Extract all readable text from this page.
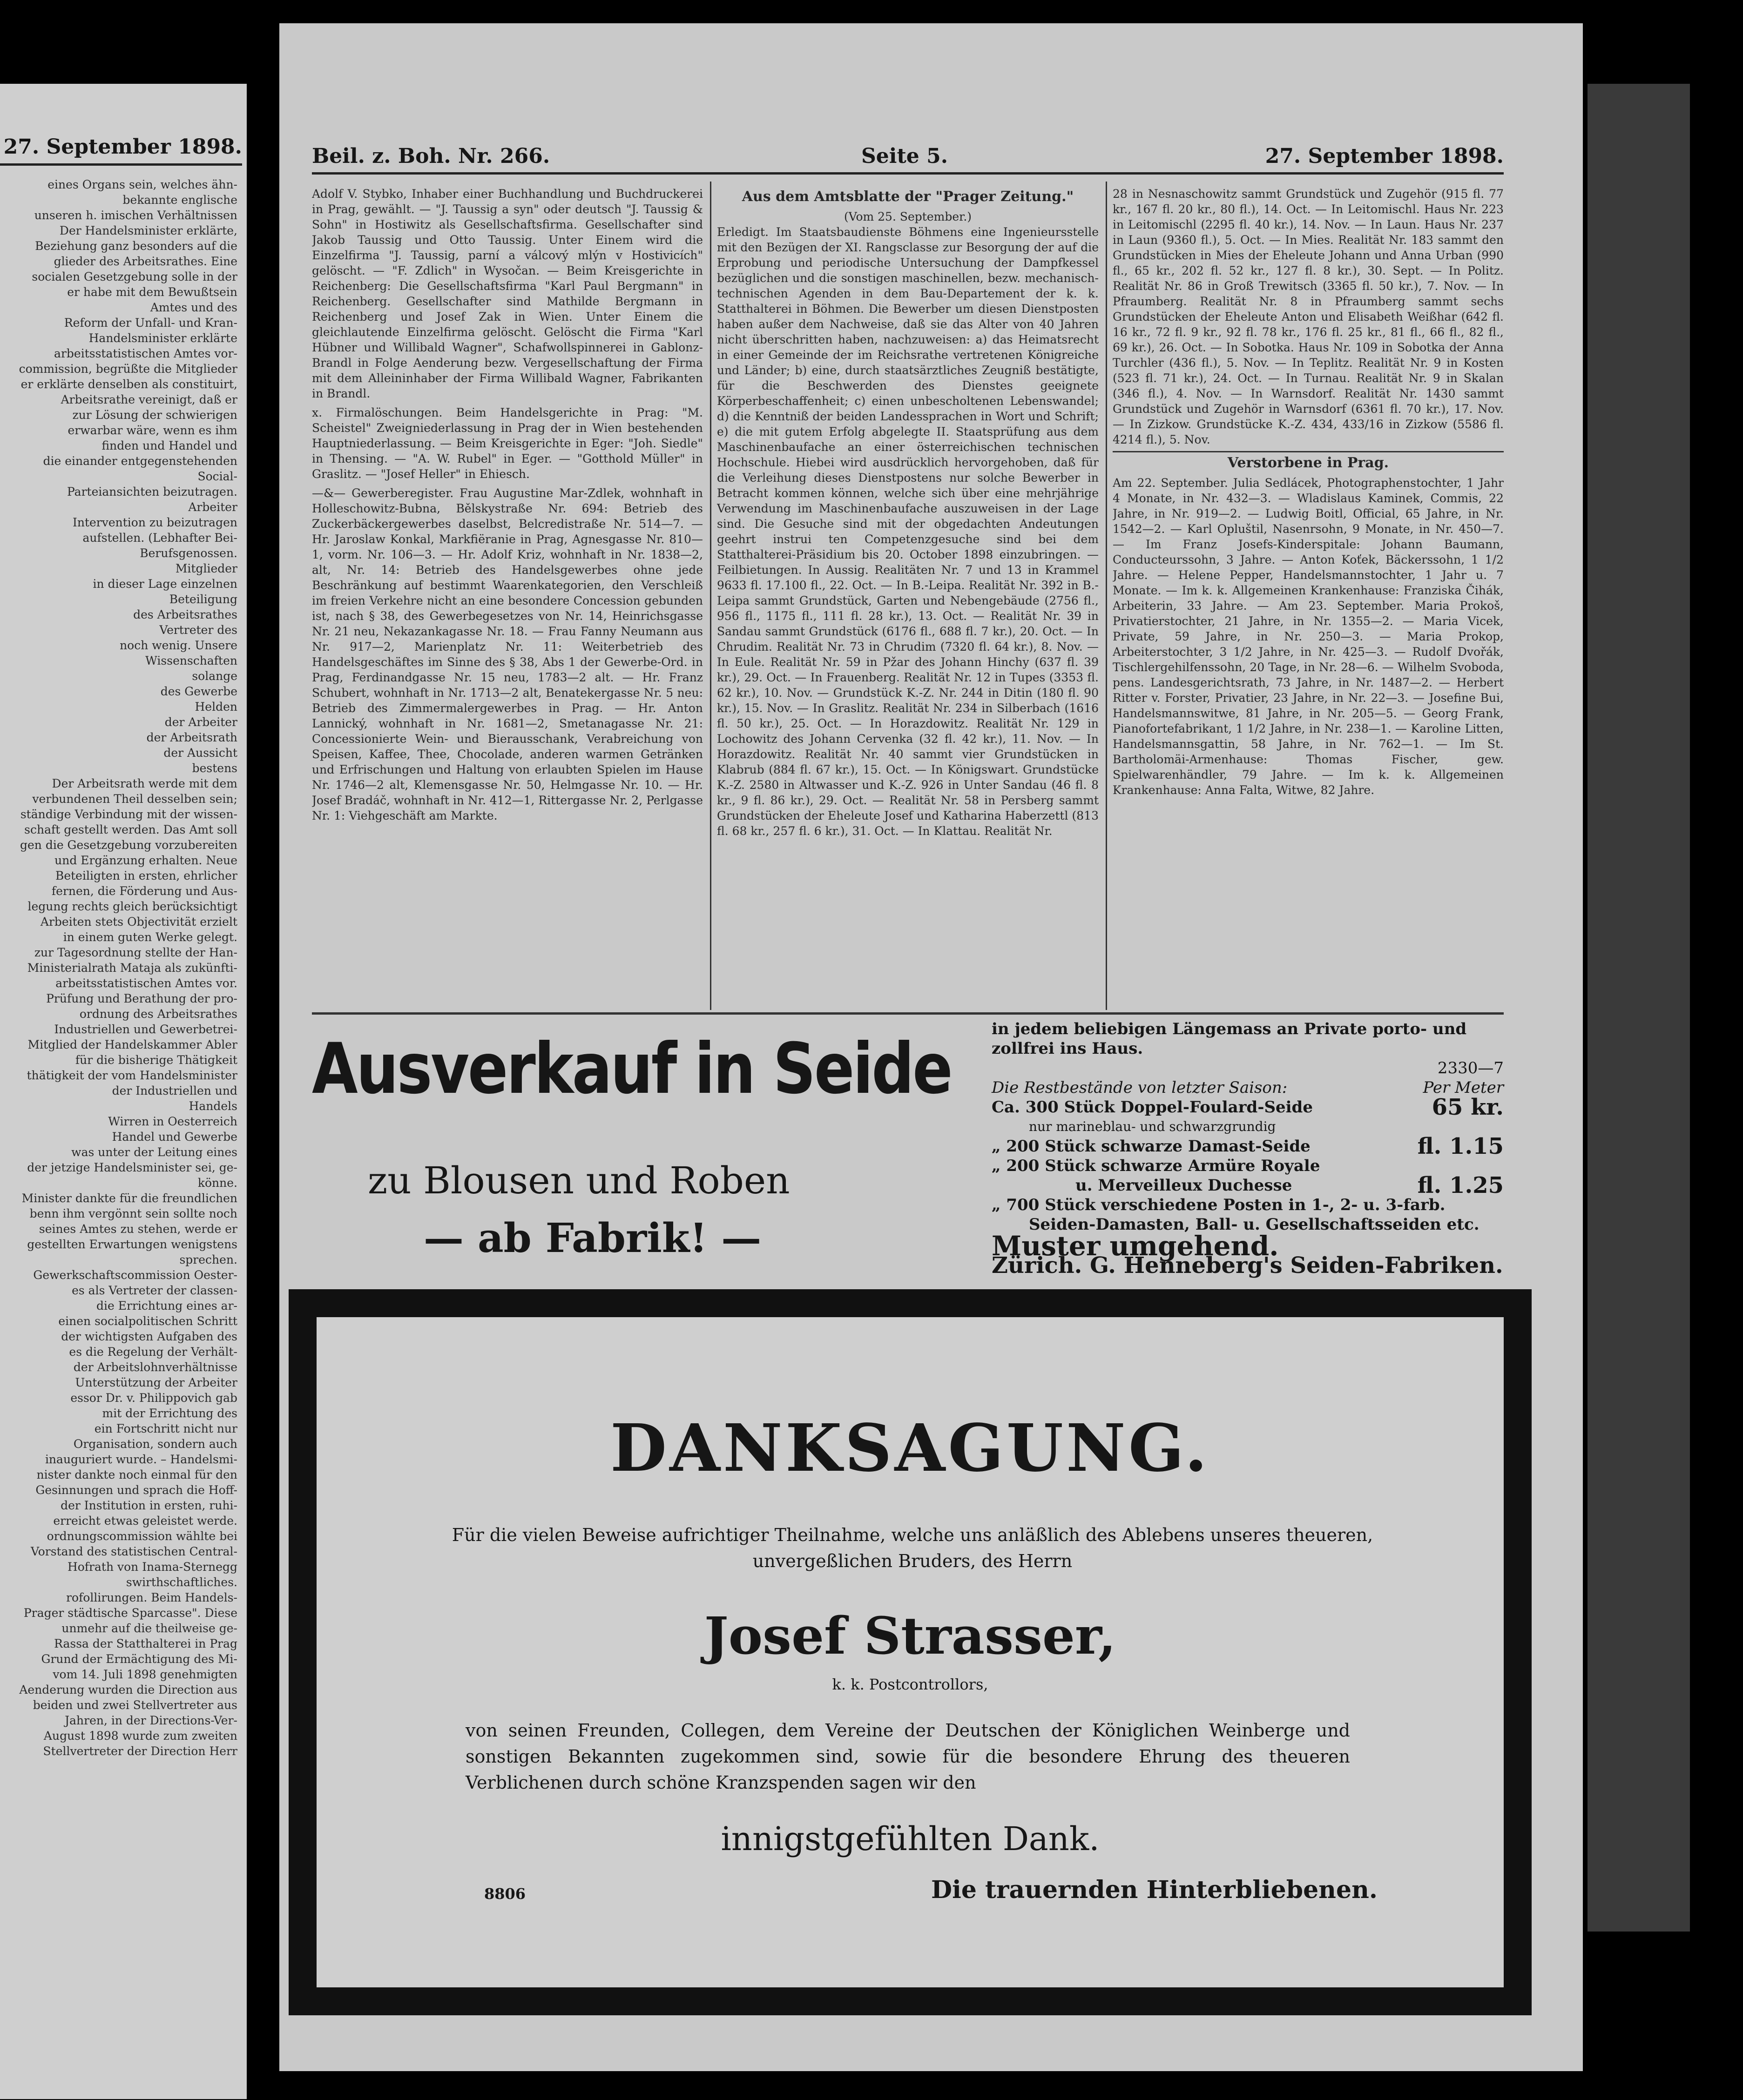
27. September 1898.
eines Organs sein, welches ähn-
bekannte englische
unseren h. imischen Verhältnissen
Der Handelsminister erklärte,
Beziehung ganz besonders auf die
glieder des Arbeitsrathes. Eine
socialen Gesetzgebung solle in der
er habe mit dem Bewußtsein
Amtes und des
Reform der Unfall- und Kran-
Handelsminister erklärte
arbeitsstatistischen Amtes vor-
commission, begrüßte die Mitglieder
er erklärte denselben als constituirt,
Arbeitsrathe vereinigt, daß er
zur Lösung der schwierigen
erwarbar wäre, wenn es ihm
finden und Handel und
die einander entgegenstehenden
Social-
Parteiansichten beizutragen.
Arbeiter
Intervention zu beizutragen
aufstellen. (Lebhafter Bei-
Berufsgenossen.
Mitglieder
in dieser Lage einzelnen
Beteiligung
des Arbeitsrathes
Vertreter des
noch wenig. Unsere
Wissenschaften
solange
des Gewerbe
Helden
der Arbeiter
der Arbeitsrath
der Aussicht
bestens
Der Arbeitsrath werde mit dem
verbundenen Theil desselben sein;
ständige Verbindung mit der wissen-
schaft gestellt werden. Das Amt soll
gen die Gesetzgebung vorzubereiten
und Ergänzung erhalten. Neue
Beteiligten in ersten, ehrlicher
fernen, die Förderung und Aus-
legung rechts gleich berücksichtigt
Arbeiten stets Objectivität erzielt
in einem guten Werke gelegt.
zur Tagesordnung stellte der Han-
Ministerialrath Mataja als zukünfti-
arbeitsstatistischen Amtes vor.
Prüfung und Berathung der pro-
ordnung des Arbeitsrathes
Industriellen und Gewerbetrei-
Mitglied der Handelskammer Abler
für die bisherige Thätigkeit
thätigkeit der vom Handelsminister
der Industriellen und
Handels
Wirren in Oesterreich
Handel und Gewerbe
was unter der Leitung eines
der jetzige Handelsminister sei, ge-
könne.
Minister dankte für die freundlichen
benn ihm vergönnt sein sollte noch
seines Amtes zu stehen, werde er
gestellten Erwartungen wenigstens
sprechen.
Gewerkschaftscommission Oester-
es als Vertreter der classen-
die Errichtung eines ar-
einen socialpolitischen Schritt
der wichtigsten Aufgaben des
es die Regelung der Verhält-
der Arbeitslohnverhältnisse
Unterstützung der Arbeiter
essor Dr. v. Philippovich gab
mit der Errichtung des
ein Fortschritt nicht nur
Organisation, sondern auch
inauguriert wurde. – Handelsmi-
nister dankte noch einmal für den
Gesinnungen und sprach die Hoff-
der Institution in ersten, ruhi-
erreicht etwas geleistet werde.
ordnungscommission wählte bei
Vorstand des statistischen Central-
Hofrath von Inama-Sternegg
swirthschaftliches.
rofollirungen. Beim Handels-
Prager städtische Sparcasse". Diese
unmehr auf die theilweise ge-
Rassa der Statthalterei in Prag
Grund der Ermächtigung des Mi-
vom 14. Juli 1898 genehmigten
Aenderung wurden die Direction aus
beiden und zwei Stellvertreter aus
Jahren, in der Directions-Ver-
August 1898 wurde zum zweiten
Stellvertreter der Direction Herr
Beil. z. Boh. Nr. 266.	Seite 5.	27. September 1898.
Adolf V. Stybko, Inhaber einer Buchhandlung und Buchdruckerei in Prag, gewählt. — "J. Taussig a syn" oder deutsch "J. Taussig & Sohn" in Hostiwitz als Gesellschaftsfirma. Gesellschafter sind Jakob Taussig und Otto Taussig. Unter Einem wird die Einzelfirma "J. Taussig, parní a válcový mlýn v Hostivicích" gelöscht. — "F. Zdlich" in Wysočan. — Beim Kreisgerichte in Reichenberg: Die Gesellschaftsfirma "Karl Paul Bergmann" in Reichenberg. Gesellschafter sind Mathilde Bergmann in Reichenberg und Josef Zak in Wien. Unter Einem die gleichlautende Einzelfirma gelöscht. Gelöscht die Firma "Karl Hübner und Willibald Wagner", Schafwollspinnerei in Gablonz-Brandl in Folge Aenderung bezw. Vergesellschaftung der Firma mit dem Alleininhaber der Firma Willibald Wagner, Fabrikanten in Brandl.
x. Firmalöschungen. Beim Handelsgerichte in Prag: "M. Scheistel" Zweigniederlassung in Prag der in Wien bestehenden Hauptniederlassung. — Beim Kreisgerichte in Eger: "Joh. Siedle" in Thensing. — "A. W. Rubel" in Eger. — "Gotthold Müller" in Graslitz. — "Josef Heller" in Ehiesch.
—&— Gewerberegister. Frau Augustine Mar-Zdlek, wohnhaft in Holleschowitz-Bubna, Bělskystraße Nr. 694: Betrieb des Zuckerbäckergewerbes daselbst, Belcredistraße Nr. 514—7. — Hr. Jaroslaw Konkal, Markfiëranie in Prag, Agnesgasse Nr. 810—1, vorm. Nr. 106—3. — Hr. Adolf Kriz, wohnhaft in Nr. 1838—2, alt, Nr. 14: Betrieb des Handelsgewerbes ohne jede Beschränkung auf bestimmt Waarenkategorien, den Verschleiß im freien Verkehre nicht an eine besondere Concession gebunden ist, nach § 38, des Gewerbegesetzes von Nr. 14, Heinrichsgasse Nr. 21 neu, Nekazankagasse Nr. 18. — Frau Fanny Neumann aus Nr. 917—2, Marienplatz Nr. 11: Weiterbetrieb des Handelsgeschäftes im Sinne des § 38, Abs 1 der Gewerbe-Ord. in Prag, Ferdinandgasse Nr. 15 neu, 1783—2 alt. — Hr. Franz Schubert, wohnhaft in Nr. 1713—2 alt, Benatekergasse Nr. 5 neu: Betrieb des Zimmermalergewerbes in Prag. — Hr. Anton Lannický, wohnhaft in Nr. 1681—2, Smetanagasse Nr. 21: Concessionierte Wein- und Bierausschank, Verabreichung von Speisen, Kaffee, Thee, Chocolade, anderen warmen Getränken und Erfrischungen und Haltung von erlaubten Spielen im Hause Nr. 1746—2 alt, Klemensgasse Nr. 50, Helmgasse Nr. 10. — Hr. Josef Bradáč, wohnhaft in Nr. 412—1, Rittergasse Nr. 2, Perlgasse Nr. 1: Viehgeschäft am Markte.
Aus dem Amtsblatte der "Prager Zeitung."
(Vom 25. September.)
Erledigt. Im Staatsbaudienste Böhmens eine Ingenieursstelle mit den Bezügen der XI. Rangsclasse zur Besorgung der auf die Erprobung und periodische Untersuchung der Dampfkessel bezüglichen und die sonstigen maschinellen, bezw. mechanisch-technischen Agenden in dem Bau-Departement der k. k. Statthalterei in Böhmen. Die Bewerber um diesen Dienstposten haben außer dem Nachweise, daß sie das Alter von 40 Jahren nicht überschritten haben, nachzuweisen: a) das Heimatsrecht in einer Gemeinde der im Reichsrathe vertretenen Königreiche und Länder; b) eine, durch staatsärztliches Zeugniß bestätigte, für die Beschwerden des Dienstes geeignete Körperbeschaffenheit; c) einen unbescholtenen Lebenswandel; d) die Kenntniß der beiden Landessprachen in Wort und Schrift; e) die mit gutem Erfolg abgelegte II. Staatsprüfung aus dem Maschinenbaufache an einer österreichischen technischen Hochschule. Hiebei wird ausdrücklich hervorgehoben, daß für die Verleihung dieses Dienstpostens nur solche Bewerber in Betracht kommen können, welche sich über eine mehrjährige Verwendung im Maschinenbaufache auszuweisen in der Lage sind. Die Gesuche sind mit der obgedachten Andeutungen geehrt instrui ten Competenzgesuche sind bei dem Statthalterei-Präsidium bis 20. October 1898 einzubringen. — Feilbietungen. In Aussig. Realitäten Nr. 7 und 13 in Krammel 9633 fl. 17.100 fl., 22. Oct. — In B.-Leipa. Realität Nr. 392 in B.-Leipa sammt Grundstück, Garten und Nebengebäude (2756 fl., 956 fl., 1175 fl., 111 fl. 28 kr.), 13. Oct. — Realität Nr. 39 in Sandau sammt Grundstück (6176 fl., 688 fl. 7 kr.), 20. Oct. — In Chrudim. Realität Nr. 73 in Chrudim (7320 fl. 64 kr.), 8. Nov. — In Eule. Realität Nr. 59 in Pžar des Johann Hinchy (637 fl. 39 kr.), 29. Oct. — In Frauenberg. Realität Nr. 12 in Tupes (3353 fl. 62 kr.), 10. Nov. — Grundstück K.-Z. Nr. 244 in Ditin (180 fl. 90 kr.), 15. Nov. — In Graslitz. Realität Nr. 234 in Silberbach (1616 fl. 50 kr.), 25. Oct. — In Horazdowitz. Realität Nr. 129 in Lochowitz des Johann Cervenka (32 fl. 42 kr.), 11. Nov. — In Horazdowitz. Realität Nr. 40 sammt vier Grundstücken in Klabrub (884 fl. 67 kr.), 15. Oct. — In Königswart. Grundstücke K.-Z. 2580 in Altwasser und K.-Z. 926 in Unter Sandau (46 fl. 8 kr., 9 fl. 86 kr.), 29. Oct. — Realität Nr. 58 in Persberg sammt Grundstücken der Eheleute Josef und Katharina Haberzettl (813 fl. 68 kr., 257 fl. 6 kr.), 31. Oct. — In Klattau. Realität Nr.
28 in Nesnaschowitz sammt Grundstück und Zugehör (915 fl. 77 kr., 167 fl. 20 kr., 80 fl.), 14. Oct. — In Leitomischl. Haus Nr. 223 in Leitomischl (2295 fl. 40 kr.), 14. Nov. — In Laun. Haus Nr. 237 in Laun (9360 fl.), 5. Oct. — In Mies. Realität Nr. 183 sammt den Grundstücken in Mies der Eheleute Johann und Anna Urban (990 fl., 65 kr., 202 fl. 52 kr., 127 fl. 8 kr.), 30. Sept. — In Politz. Realität Nr. 86 in Groß Trewitsch (3365 fl. 50 kr.), 7. Nov. — In Pfraumberg. Realität Nr. 8 in Pfraumberg sammt sechs Grundstücken der Eheleute Anton und Elisabeth Weißhar (642 fl. 16 kr., 72 fl. 9 kr., 92 fl. 78 kr., 176 fl. 25 kr., 81 fl., 66 fl., 82 fl., 69 kr.), 26. Oct. — In Sobotka. Haus Nr. 109 in Sobotka der Anna Turchler (436 fl.), 5. Nov. — In Teplitz. Realität Nr. 9 in Kosten (523 fl. 71 kr.), 24. Oct. — In Turnau. Realität Nr. 9 in Skalan (346 fl.), 4. Nov. — In Warnsdorf. Realität Nr. 1430 sammt Grundstück und Zugehör in Warnsdorf (6361 fl. 70 kr.), 17. Nov. — In Zizkow. Grundstücke K.-Z. 434, 433/16 in Zizkow (5586 fl. 4214 fl.), 5. Nov.
Verstorbene in Prag.
Am 22. September. Julia Sedlácek, Photographenstochter, 1 Jahr 4 Monate, in Nr. 432—3. — Wladislaus Kaminek, Commis, 22 Jahre, in Nr. 919—2. — Ludwig Boitl, Official, 65 Jahre, in Nr. 1542—2. — Karl Opluštil, Nasenrsohn, 9 Monate, in Nr. 450—7. — Im Franz Josefs-Kinderspitale: Johann Baumann, Conducteurssohn, 3 Jahre. — Anton Koťek, Bäckerssohn, 1 1/2 Jahre. — Helene Pepper, Handelsmannstochter, 1 Jahr u. 7 Monate. — Im k. k. Allgemeinen Krankenhause: Franziska Čihák, Arbeiterin, 33 Jahre. — Am 23. September. Maria Prokoš, Privatierstochter, 21 Jahre, in Nr. 1355—2. — Maria Vicek, Private, 59 Jahre, in Nr. 250—3. — Maria Prokop, Arbeiterstochter, 3 1/2 Jahre, in Nr. 425—3. — Rudolf Dvořák, Tischlergehilfenssohn, 20 Tage, in Nr. 28—6. — Wilhelm Svoboda, pens. Landesgerichtsrath, 73 Jahre, in Nr. 1487—2. — Herbert Ritter v. Forster, Privatier, 23 Jahre, in Nr. 22—3. — Josefine Bui, Handelsmannswitwe, 81 Jahre, in Nr. 205—5. — Georg Frank, Pianofortefabrikant, 1 1/2 Jahre, in Nr. 238—1. — Karoline Litten, Handelsmannsgattin, 58 Jahre, in Nr. 762—1. — Im St. Bartholomäi-Armenhause: Thomas Fischer, gew. Spielwarenhändler, 79 Jahre. — Im k. k. Allgemeinen Krankenhause: Anna Falta, Witwe, 82 Jahre.
Ausverkauf in Seide
zu Blousen und Roben
— ab Fabrik! —
in jedem beliebigen Längemass an Private porto- und zollfrei ins Haus.
2330—7
Die Restbestände von letzter Saison:	Per Meter
Ca. 300 Stück Doppel-Foulard-Seide	65 kr.
nur marineblau- und schwarzgrundig
„ 200 Stück schwarze Damast-Seide	fl. 1.15
„ 200 Stück schwarze Armüre Royale
u. Merveilleux Duchesse	fl. 1.25
„ 700 Stück verschiedene Posten in 1-, 2- u. 3-farb.
Seiden-Damasten, Ball- u. Gesellschaftsseiden etc.
Muster umgehend.
Zürich. G. Henneberg's Seiden-Fabriken.
DANKSAGUNG.
Für die vielen Beweise aufrichtiger Theilnahme, welche uns anläßlich des Ablebens unseres theueren, unvergeßlichen Bruders, des Herrn
Josef Strasser,
k. k. Postcontrollors,
von seinen Freunden, Collegen, dem Vereine der Deutschen der Königlichen Weinberge und sonstigen Bekannten zugekommen sind, sowie für die besondere Ehrung des theueren Verblichenen durch schöne Kranzspenden sagen wir den
innigstgefühlten Dank.
8806	Die trauernden Hinterbliebenen.
